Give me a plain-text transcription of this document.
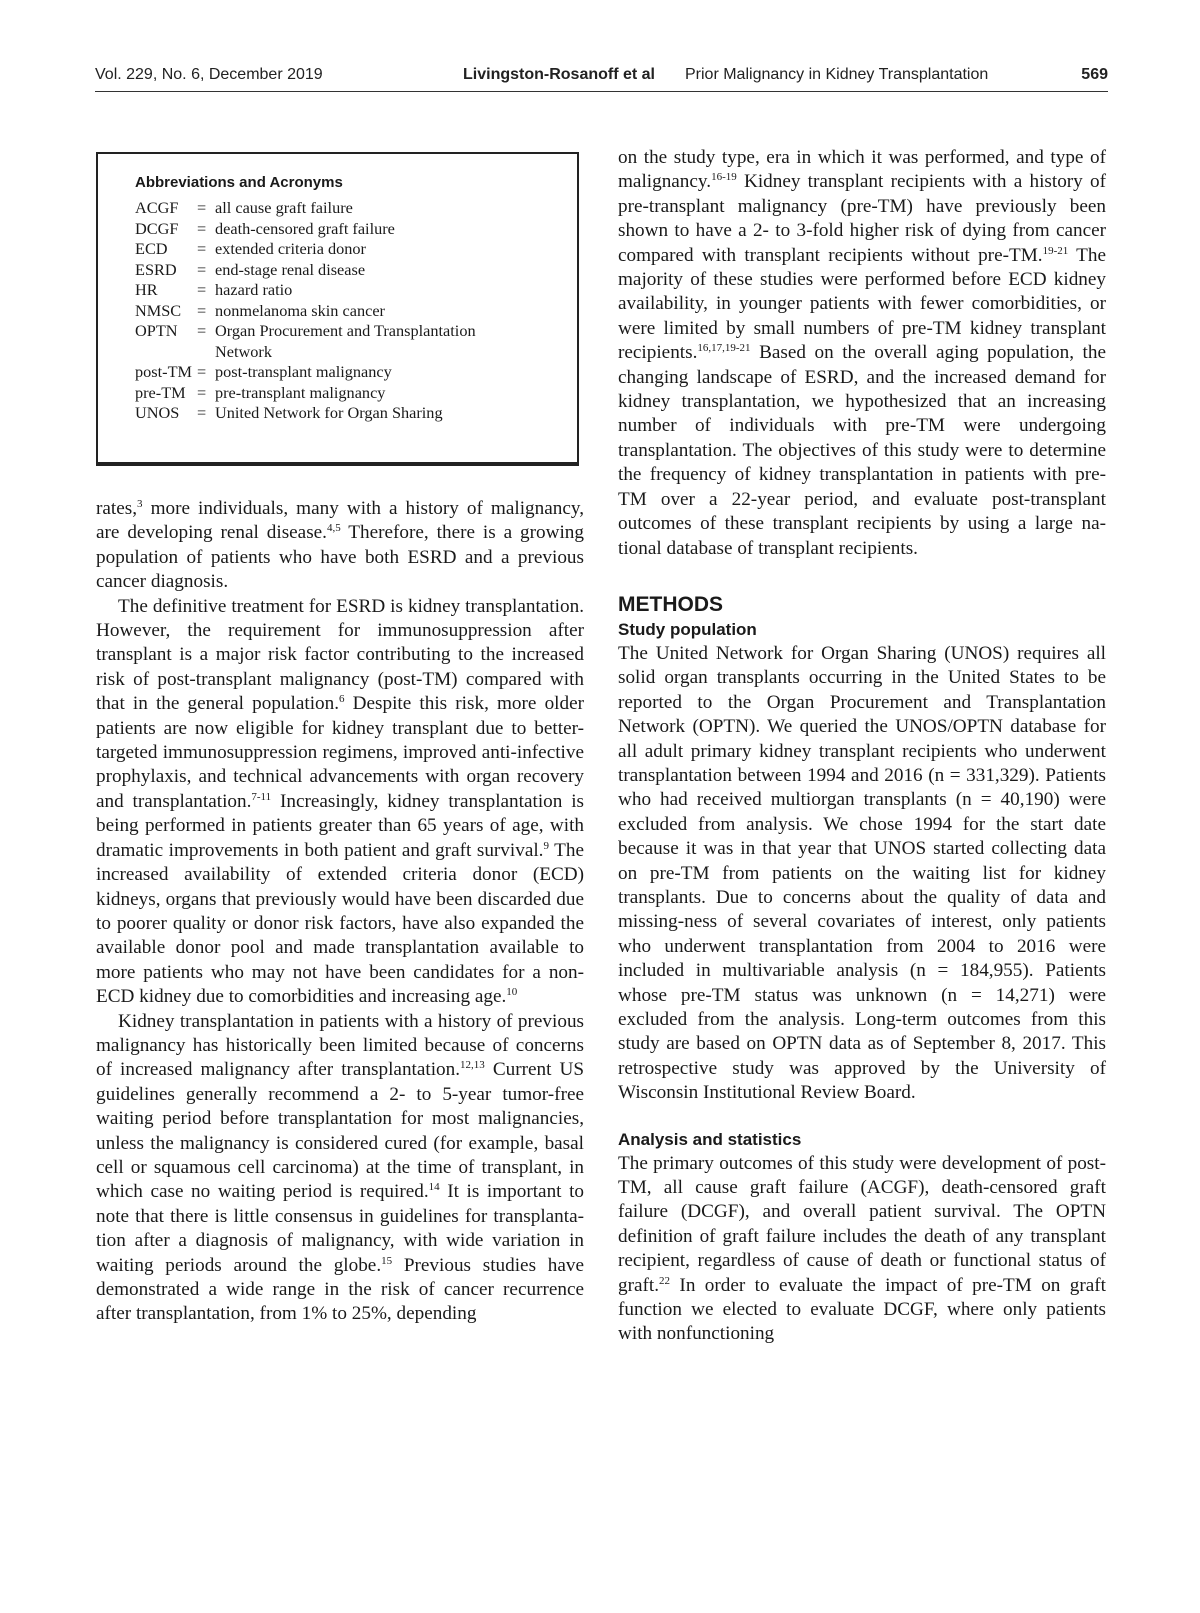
Vol. 229, No. 6, December 2019	Livingston-Rosanoff et al Prior Malignancy in Kidney Transplantation	569
Abbreviations and Acronyms
ACGF	=	all cause graft failure
DCGF	=	death-censored graft failure
ECD	=	extended criteria donor
ESRD	=	end-stage renal disease
HR	=	hazard ratio
NMSC	=	nonmelanoma skin cancer
OPTN	=	Organ Procurement and Transplantation Network
post-TM	=	post-transplant malignancy
pre-TM	=	pre-transplant malignancy
UNOS	=	United Network for Organ Sharing

rates,$^3$ more individuals, many with a history of malignancy, are developing renal disease.$^{4,5}$ Therefore, there is a growing population of patients who have both ESRD and a previous cancer diagnosis.

The definitive treatment for ESRD is kidney transplantation. However, the requirement for immunosuppression after transplant is a major risk factor contributing to the increased risk of post-transplant malignancy (post-TM) compared with that in the general population.$^6$ Despite this risk, more older patients are now eligible for kidney transplant due to better-targeted immunosuppression regimens, improved anti-infective prophylaxis, and technical advancements with organ recovery and transplantation.$^{7-11}$ Increasingly, kidney transplantation is being performed in patients greater than 65 years of age, with dramatic improvements in both patient and graft survival.$^9$ The increased availability of extended criteria donor (ECD) kidneys, organs that previously would have been discarded due to poorer quality or donor risk factors, have also expanded the available donor pool and made transplantation available to more patients who may not have been candidates for a non-ECD kidney due to comorbidities and increasing age.$^{10}$

Kidney transplantation in patients with a history of previous malignancy has historically been limited because of concerns of increased malignancy after transplantation.$^{12,13}$ Current US guidelines generally recommend a 2- to 5-year tumor-free waiting period before transplantation for most malignancies, unless the malignancy is considered cured (for example, basal cell or squamous cell carcinoma) at the time of transplant, in which case no waiting period is required.$^{14}$ It is important to note that there is little consensus in guidelines for transplantation after a diagnosis of malignancy, with wide variation in waiting periods around the globe.$^{15}$ Previous studies have demonstrated a wide range in the risk of cancer recurrence after transplantation, from 1% to 25%, depending

on the study type, era in which it was performed, and type of malignancy.$^{16-19}$ Kidney transplant recipients with a history of pre-transplant malignancy (pre-TM) have previously been shown to have a 2- to 3-fold higher risk of dying from cancer compared with transplant recipients without pre-TM.$^{19-21}$ The majority of these studies were performed before ECD kidney availability, in younger patients with fewer comorbidities, or were limited by small numbers of pre-TM kidney transplant recipients.$^{16,17,19-21}$ Based on the overall aging population, the changing landscape of ESRD, and the increased demand for kidney transplantation, we hypothesized that an increasing number of individuals with pre-TM were undergoing transplantation. The objectives of this study were to determine the frequency of kidney transplantation in patients with pre-TM over a 22-year period, and evaluate post-transplant outcomes of these transplant recipients by using a large national database of transplant recipients.

METHODS
Study population

The United Network for Organ Sharing (UNOS) requires all solid organ transplants occurring in the United States to be reported to the Organ Procurement and Transplantation Network (OPTN). We queried the UNOS/OPTN database for all adult primary kidney transplant recipients who underwent transplantation between 1994 and 2016 (n = 331,329). Patients who had received multiorgan transplants (n = 40,190) were excluded from analysis. We chose 1994 for the start date because it was in that year that UNOS started collecting data on pre-TM from patients on the waiting list for kidney transplants. Due to concerns about the quality of data and missing-ness of several covariates of interest, only patients who underwent transplantation from 2004 to 2016 were included in multivariable analysis (n = 184,955). Patients whose pre-TM status was unknown (n = 14,271) were excluded from the analysis. Long-term outcomes from this study are based on OPTN data as of September 8, 2017. This retrospective study was approved by the University of Wisconsin Institutional Review Board.

Analysis and statistics

The primary outcomes of this study were development of post-TM, all cause graft failure (ACGF), death-censored graft failure (DCGF), and overall patient survival. The OPTN definition of graft failure includes the death of any transplant recipient, regardless of cause of death or functional status of graft.$^{22}$ In order to evaluate the impact of pre-TM on graft function we elected to evaluate DCGF, where only patients with nonfunctioning
